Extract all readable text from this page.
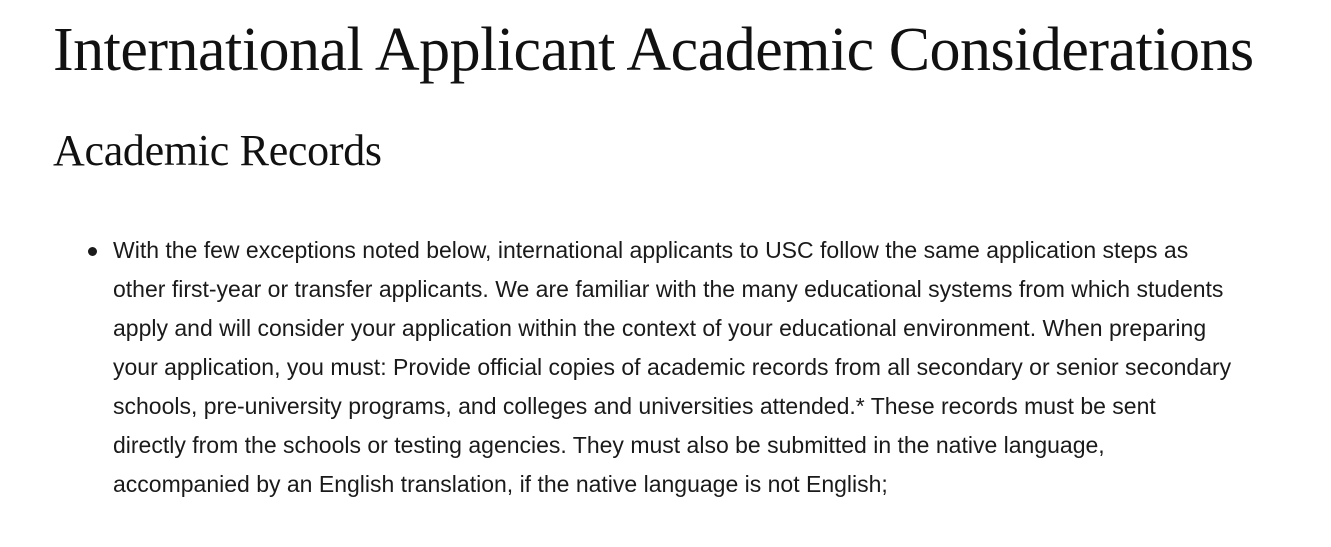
International Applicant Academic Considerations
Academic Records
With the few exceptions noted below, international applicants to USC follow the same application steps as other first-year or transfer applicants. We are familiar with the many educational systems from which students apply and will consider your application within the context of your educational environment. When preparing your application, you must: Provide official copies of academic records from all secondary or senior secondary schools, pre-university programs, and colleges and universities attended.* These records must be sent directly from the schools or testing agencies. They must also be submitted in the native language, accompanied by an English translation, if the native language is not English;
